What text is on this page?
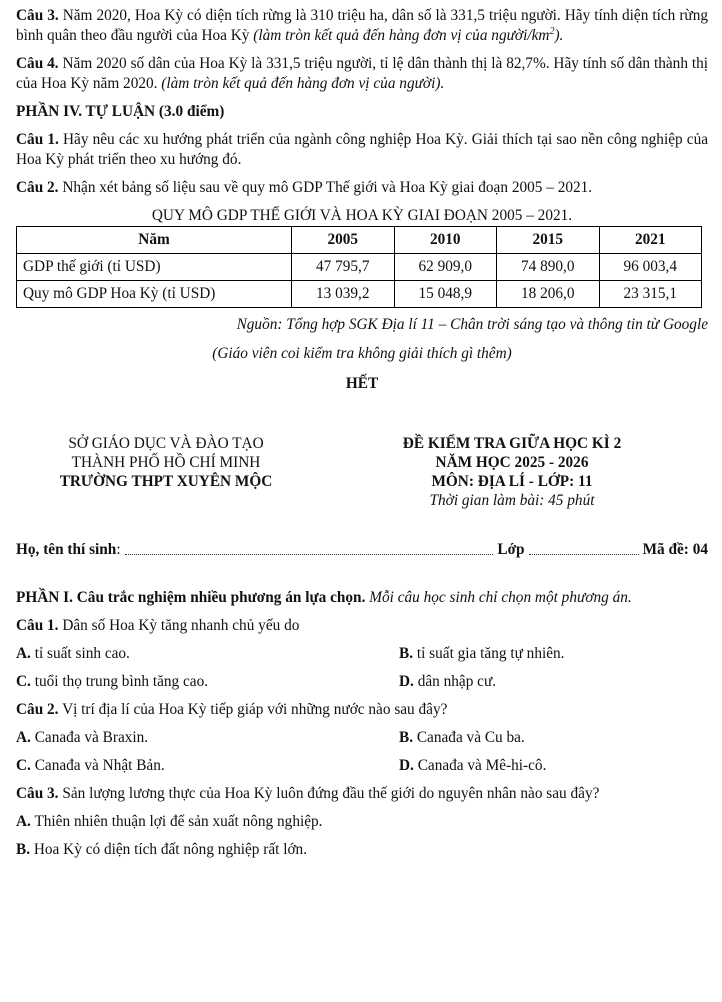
Câu 3. Năm 2020, Hoa Kỳ có diện tích rừng là 310 triệu ha, dân số là 331,5 triệu người. Hãy tính diện tích rừng bình quân theo đầu người của Hoa Kỳ (làm tròn kết quả đến hàng đơn vị của người/$km^2$).

Câu 4. Năm 2020 số dân của Hoa Kỳ là 331,5 triệu người, tỉ lệ dân thành thị là 82,7%. Hãy tính số dân thành thị của Hoa Kỳ năm 2020. (làm tròn kết quả đến hàng đơn vị của người).

PHẦN IV. TỰ LUẬN (3.0 điểm)

Câu 1. Hãy nêu các xu hướng phát triển của ngành công nghiệp Hoa Kỳ. Giải thích tại sao nền công nghiệp của Hoa Kỳ phát triển theo xu hướng đó.

Câu 2. Nhận xét bảng số liệu sau về quy mô GDP Thế giới và Hoa Kỳ giai đoạn 2005 – 2021.

QUY MÔ GDP THẾ GIỚI VÀ HOA KỲ GIAI ĐOẠN 2005 – 2021.
Năm	2005	2010	2015	2021
GDP thế giới (tỉ USD)	47 795,7	62 909,0	74 890,0	96 003,4
Quy mô GDP Hoa Kỳ (tỉ USD)	13 039,2	15 048,9	18 206,0	23 315,1
Nguồn: Tổng hợp SGK Địa lí 11 – Chân trời sáng tạo và thông tin từ Google
(Giáo viên coi kiểm tra không giải thích gì thêm)
HẾT
SỞ GIÁO DỤC VÀ ĐÀO TẠO
THÀNH PHỐ HỒ CHÍ MINH
TRƯỜNG THPT XUYÊN MỘC
ĐỀ KIỂM TRA GIỮA HỌC KÌ 2
NĂM HỌC 2025 - 2026
MÔN: ĐỊA LÍ - LỚP: 11
Thời gian làm bài: 45 phút
Họ, tên thí sinh :	Lớp	Mã đề: 04

PHẦN I. Câu trắc nghiệm nhiều phương án lựa chọn. Mỗi câu học sinh chỉ chọn một phương án.

Câu 1. Dân số Hoa Kỳ tăng nhanh chủ yếu do

A. tỉ suất sinh cao.	B. tỉ suất gia tăng tự nhiên.
C. tuổi thọ trung bình tăng cao.	D. dân nhập cư.

Câu 2. Vị trí địa lí của Hoa Kỳ tiếp giáp với những nước nào sau đây?

A. Canađa và Braxin.	B. Canađa và Cu ba.
C. Canađa và Nhật Bản.	D. Canađa và Mê-hi-cô.

Câu 3. Sản lượng lương thực của Hoa Kỳ luôn đứng đầu thế giới do nguyên nhân nào sau đây?

A. Thiên nhiên thuận lợi để sản xuất nông nghiệp.
B. Hoa Kỳ có diện tích đất nông nghiệp rất lớn.
